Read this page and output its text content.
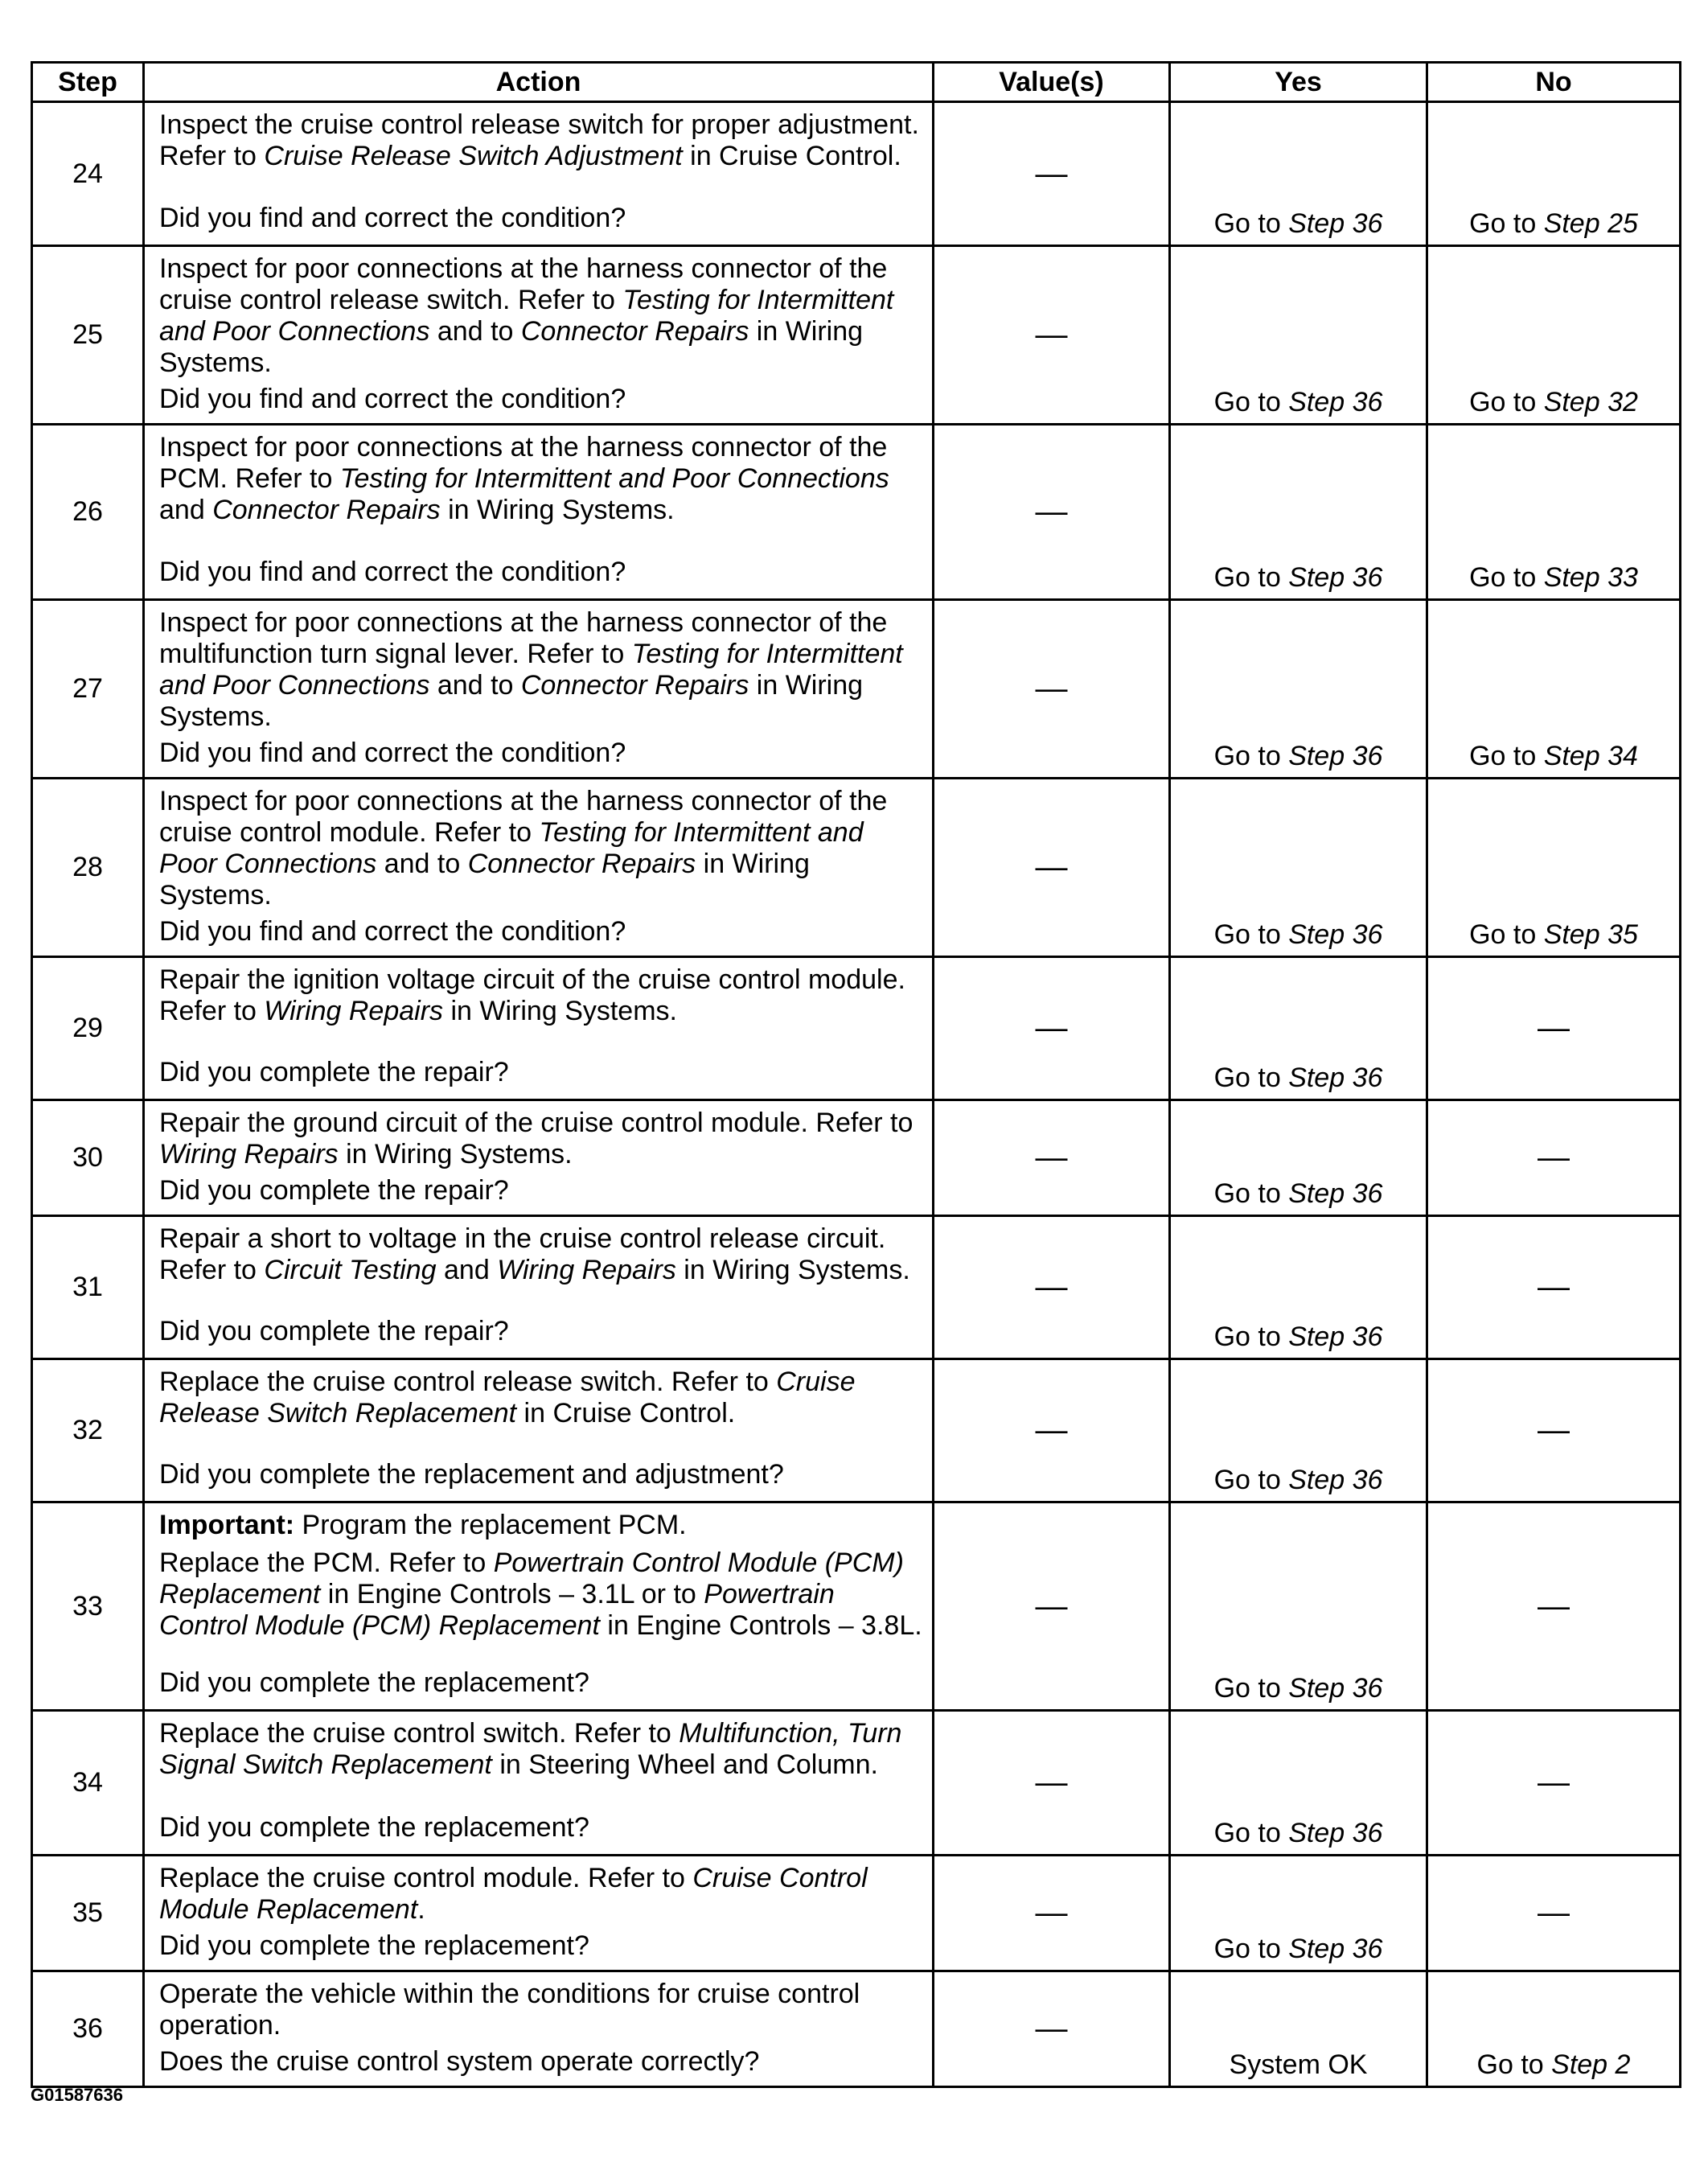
Step	Action	Value(s)	Yes	No
24	Inspect the cruise control release switch for proper adjustment. Refer to Cruise Release Switch Adjustment in Cruise Control.

Did you find and correct the condition?	—	Go to Step 36	Go to Step 25
25	Inspect for poor connections at the harness connector of the cruise control release switch. Refer to Testing for Intermittent and Poor Connections and to Connector Repairs in Wiring Systems.

Did you find and correct the condition?	—	Go to Step 36	Go to Step 32
26	Inspect for poor connections at the harness connector of the PCM. Refer to Testing for Intermittent and Poor Connections and Connector Repairs in Wiring Systems.

Did you find and correct the condition?	—	Go to Step 36	Go to Step 33
27	Inspect for poor connections at the harness connector of the multifunction turn signal lever. Refer to Testing for Intermittent and Poor Connections and to Connector Repairs in Wiring Systems.

Did you find and correct the condition?	—	Go to Step 36	Go to Step 34
28	Inspect for poor connections at the harness connector of the cruise control module. Refer to Testing for Intermittent and Poor Connections and to Connector Repairs in Wiring Systems.

Did you find and correct the condition?	—	Go to Step 36	Go to Step 35
29	Repair the ignition voltage circuit of the cruise control module. Refer to Wiring Repairs in Wiring Systems.

Did you complete the repair?	—	Go to Step 36	—
30	Repair the ground circuit of the cruise control module. Refer to Wiring Repairs in Wiring Systems.

Did you complete the repair?	—	Go to Step 36	—
31	Repair a short to voltage in the cruise control release circuit. Refer to Circuit Testing and Wiring Repairs in Wiring Systems.

Did you complete the repair?	—	Go to Step 36	—
32	Replace the cruise control release switch. Refer to Cruise Release Switch Replacement in Cruise Control.

Did you complete the replacement and adjustment?	—	Go to Step 36	—
33	Important: Program the replacement PCM.

Replace the PCM. Refer to Powertrain Control Module (PCM) Replacement in Engine Controls – 3.1L or to Powertrain Control Module (PCM) Replacement in Engine Controls – 3.8L.

Did you complete the replacement?	—	Go to Step 36	—
34	Replace the cruise control switch. Refer to Multifunction, Turn Signal Switch Replacement in Steering Wheel and Column.

Did you complete the replacement?	—	Go to Step 36	—
35	Replace the cruise control module. Refer to Cruise Control Module Replacement.

Did you complete the replacement?	—	Go to Step 36	—
36	Operate the vehicle within the conditions for cruise control operation.

Does the cruise control system operate correctly?	—	System OK	Go to Step 2
G01587636
